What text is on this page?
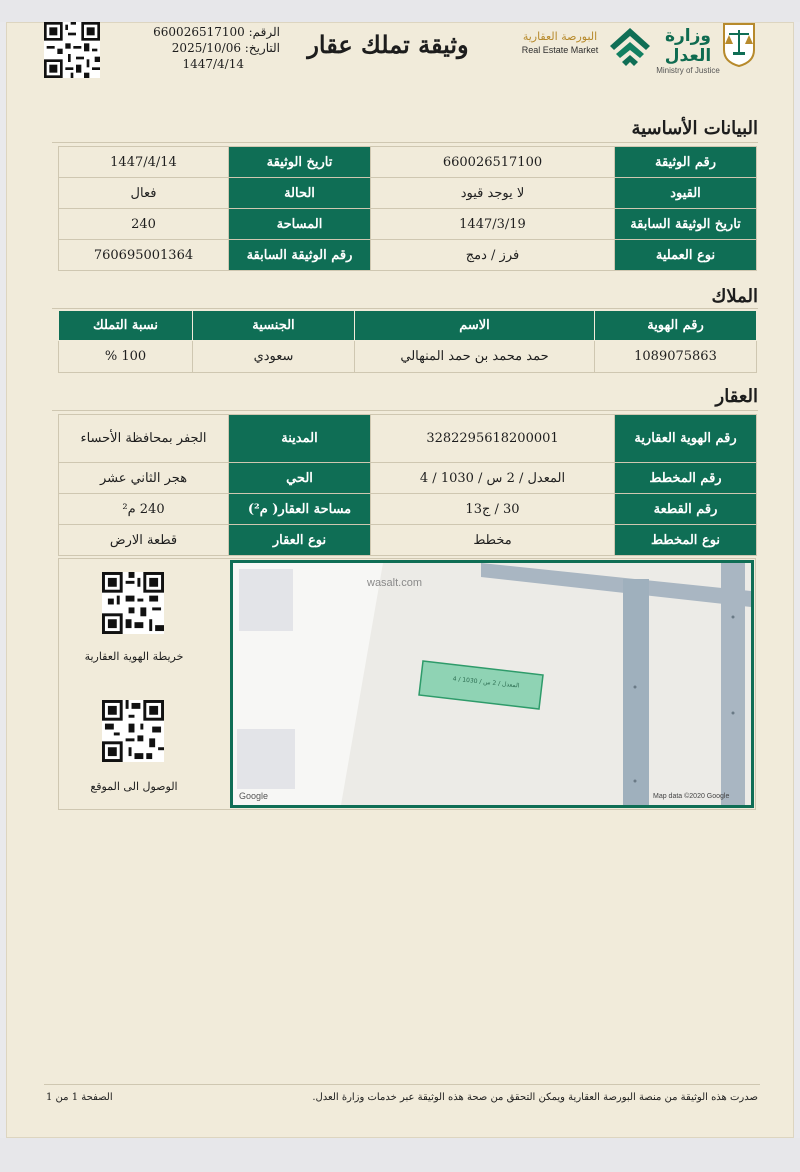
الرقم: 660026517100
التاريخ: 2025/10/06
1447/4/14
وثيقة تملك عقار	البورصة العقارية
Real Estate Market
وزارة العدل
Ministry of Justice
البيانات الأساسية
رقم الوثيقة	660026517100	تاريخ الوثيقة	1447/4/14
القيود	لا يوجد قيود	الحالة	فعال
تاريخ الوثيقة السابقة	1447/3/19	المساحة	240
نوع العملية	فرز / دمج	رقم الوثيقة السابقة	760695001364
الملاك
رقم الهوية	الاسم	الجنسية	نسبة التملك
1089075863	حمد محمد بن حمد المنهالي	سعودي	100 %
العقار
رقم الهوية العقارية	3282295618200001	المدينة	الجفر بمحافظة الأحساء
رقم المخطط	المعدل / 2 س / 1030 / 4	الحي	هجر الثاني عشر
رقم القطعة	30 / ج13	مساحة العقار( م²)	240 م²
نوع المخطط	مخطط	نوع العقار	قطعة الارض
خريطة الهوية العقارية
الوصول الى الموقع
wasalt.com
المعدل / 2 س / 1030 / 4
Google	Map data ©2020 Google
صدرت هذه الوثيقة من منصة البورصة العقارية ويمكن التحقق من صحة هذه الوثيقة عبر خدمات وزارة العدل.
الصفحة 1 من 1
